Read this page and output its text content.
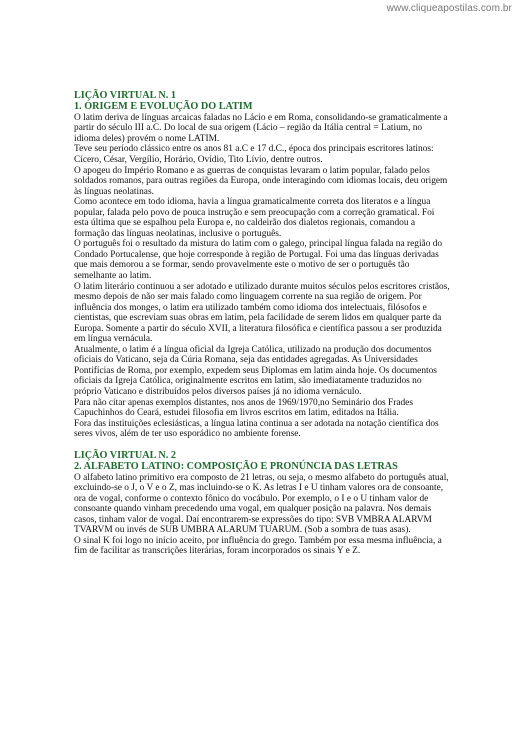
www.cliqueapostilas.com.br
LIÇÃO VIRTUAL N. 1
1. ORIGEM E EVOLUÇÃO DO LATIM

O latim deriva de línguas arcaicas faladas no Lácio e em Roma, consolidando-se gramaticalmente a partir do século III a.C. Do local de sua origem (Lácio – região da Itália central = Latium, no idioma deles) provém o nome LATIM.

Teve seu período clássico entre os anos 81 a.C e 17 d.C., época dos principais escritores latinos: Cícero, César, Vergílio, Horário, Ovídio, Tito Lívio, dentre outros.

O apogeu do Império Romano e as guerras de conquistas levaram o latim popular, falado pelos soldados romanos, para outras regiões da Europa, onde interagindo com idiomas locais, deu origem às línguas neolatinas.

Como acontece em todo idioma, havia a língua gramaticalmente correta dos literatos e a língua popular, falada pelo povo de pouca instrução e sem preocupação com a correção gramatical. Foi esta última que se espalhou pela Europa e, no caldeirão dos dialetos regionais, comandou a formação das línguas neolatinas, inclusive o português.

O português foi o resultado da mistura do latim com o galego, principal língua falada na região do Condado Portucalense, que hoje corresponde à região de Portugal. Foi uma das línguas derivadas que mais demorou a se formar, sendo provavelmente este o motivo de ser o português tão semelhante ao latim.

O latim literário continuou a ser adotado e utilizado durante muitos séculos pelos escritores cristãos, mesmo depois de não ser mais falado como linguagem corrente na sua região de origem. Por influência dos monges, o latim era utilizado também como idioma dos intelectuais, filósofos e cientistas, que escreviam suas obras em latim, pela facilidade de serem lidos em qualquer parte da Europa. Somente a partir do século XVII, a literatura filosófica e científica passou a ser produzida em língua vernácula.

Atualmente, o latim é a língua oficial da Igreja Católica, utilizado na produção dos documentos oficiais do Vaticano, seja da Cúria Romana, seja das entidades agregadas. As Universidades Pontifícias de Roma, por exemplo, expedem seus Diplomas em latim ainda hoje. Os documentos oficiais da Igreja Católica, originalmente escritos em latim, são imediatamente traduzidos no próprio Vaticano e distribuídos pelos diversos países já no idioma vernáculo.

Para não citar apenas exemplos distantes, nos anos de 1969/1970,no Seminário dos Frades Capuchinhos do Ceará, estudei filosofia em livros escritos em latim, editados na Itália.

Fora das instituições eclesiásticas, a língua latina continua a ser adotada na notação científica dos seres vivos, além de ter uso esporádico no ambiente forense.

LIÇÃO VIRTUAL N. 2
2. ALFABETO LATINO: COMPOSIÇÃO E PRONÚNCIA DAS LETRAS

O alfabeto latino primitivo era composto de 21 letras, ou seja, o mesmo alfabeto do português atual, excluindo-se o J, o V e o Z, mas incluindo-se o K. As letras I e U tinham valores ora de consoante, ora de vogal, conforme o contexto fônico do vocábulo. Por exemplo, o I e o U tinham valor de consoante quando vinham precedendo uma vogal, em qualquer posição na palavra. Nos demais casos, tinham valor de vogal. Daí encontrarem-se expressões do tipo: SVB VMBRA ALARVM TVARVM ou invés de SUB UMBRA ALARUM TUARUM. (Sob a sombra de tuas asas).

O sinal K foi logo no início aceito, por influência do grego. Também por essa mesma influência, a fim de facilitar as transcrições literárias, foram incorporados os sinais Y e Z.
